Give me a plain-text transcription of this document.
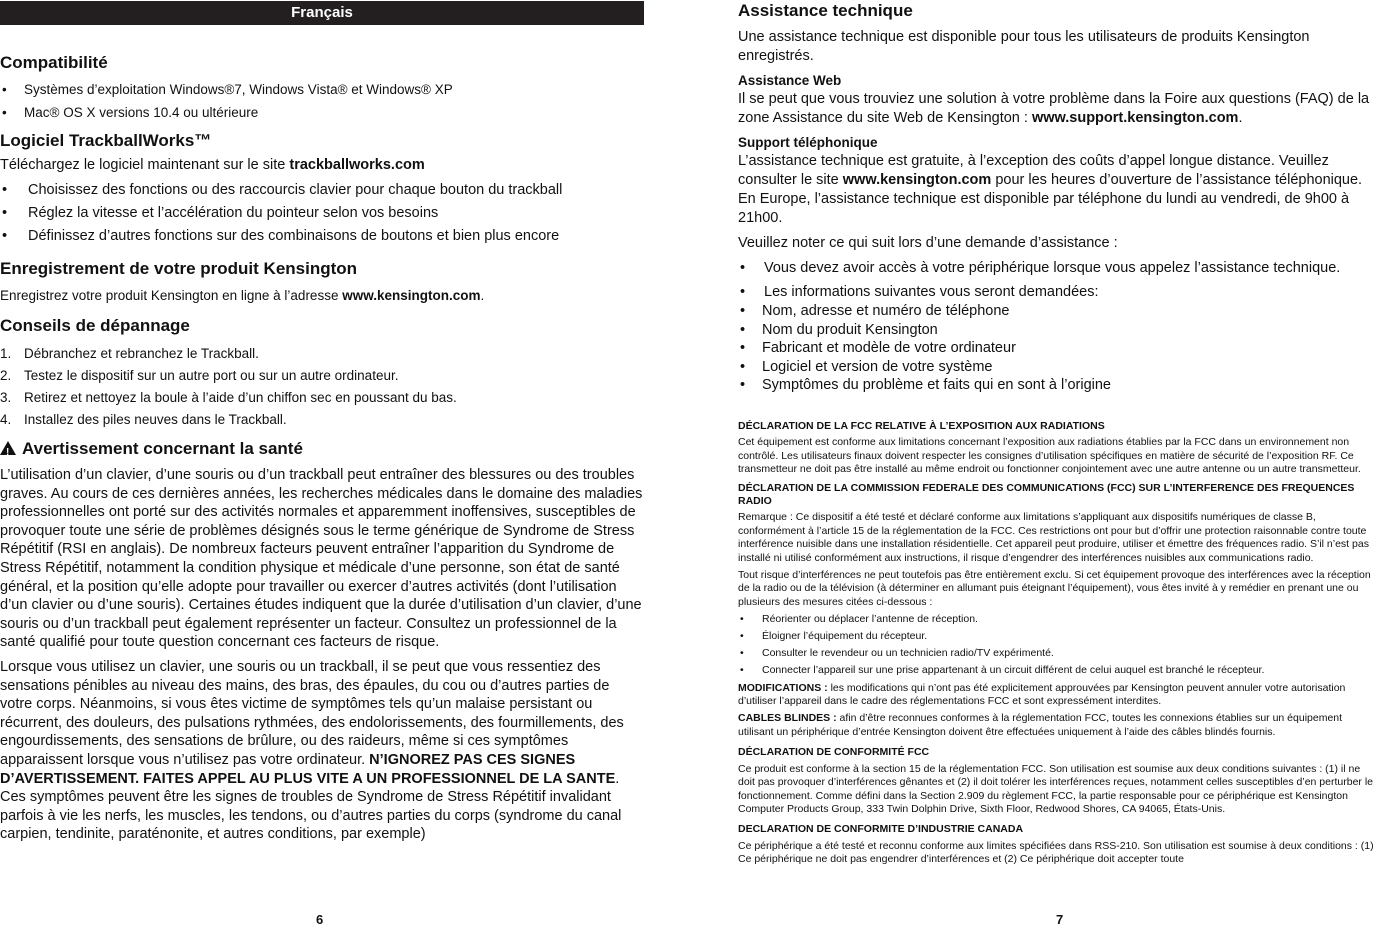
Français
Compatibilité
• Systèmes d’exploitation Windows®7, Windows Vista® et Windows® XP
• Mac® OS X versions 10.4 ou ultérieure
Logiciel TrackballWorks™

Téléchargez le logiciel maintenant sur le site trackballworks.com

• Choisissez des fonctions ou des raccourcis clavier pour chaque bouton du trackball
• Réglez la vitesse et l’accélération du pointeur selon vos besoins
• Définissez d’autres fonctions sur des combinaisons de boutons et bien plus encore
Enregistrement de votre produit Kensington

Enregistrez votre produit Kensington en ligne à l’adresse www.kensington.com.

Conseils de dépannage
1. Débranchez et rebranchez le Trackball.
2. Testez le dispositif sur un autre port ou sur un autre ordinateur.
3. Retirez et nettoyez la boule à l’aide d’un chiffon sec en poussant du bas.
4. Installez des piles neuves dans le Trackball.
!Avertissement concernant la santé

L’utilisation d’un clavier, d’une souris ou d’un trackball peut entraîner des blessures ou des troubles graves. Au cours de ces dernières années, les recherches médicales dans le domaine des maladies professionnelles ont porté sur des activités normales et apparemment inoffensives, susceptibles de provoquer toute une série de problèmes désignés sous le terme générique de Syndrome de Stress Répétitif (RSI en anglais). De nombreux facteurs peuvent entraîner l’apparition du Syndrome de Stress Répétitif, notamment la condition physique et médicale d’une personne, son état de santé général, et la position qu’elle adopte pour travailler ou exercer d’autres activités (dont l’utilisation d’un clavier ou d’une souris). Certaines études indiquent que la durée d’utilisation d’un clavier, d’une souris ou d’un trackball peut également représenter un facteur. Consultez un professionnel de la santé qualifié pour toute question concernant ces facteurs de risque.

Lorsque vous utilisez un clavier, une souris ou un trackball, il se peut que vous ressentiez des sensations pénibles au niveau des mains, des bras, des épaules, du cou ou d’autres parties de votre corps. Néanmoins, si vous êtes victime de symptômes tels qu’un malaise persistant ou récurrent, des douleurs, des pulsations rythmées, des endolorissements, des fourmillements, des engourdissements, des sensations de brûlure, ou des raideurs, même si ces symptômes apparaissent lorsque vous n’utilisez pas votre ordinateur. N’IGNOREZ PAS CES SIGNES D’AVERTISSEMENT. FAITES APPEL AU PLUS VITE A UN PROFESSIONNEL DE LA SANTE. Ces symptômes peuvent être les signes de troubles de Syndrome de Stress Répétitif invalidant parfois à vie les nerfs, les muscles, les tendons, ou d’autres parties du corps (syndrome du canal carpien, tendinite, paraténonite, et autres conditions, par exemple)

6
Assistance technique

Une assistance technique est disponible pour tous les utilisateurs de produits Kensington enregistrés.

Assistance Web

Il se peut que vous trouviez une solution à votre problème dans la Foire aux questions (FAQ) de la zone Assistance du site Web de Kensington : www.support.kensington.com.

Support téléphonique

L’assistance technique est gratuite, à l’exception des coûts d’appel longue distance. Veuillez consulter le site www.kensington.com pour les heures d’ouverture de l’assistance téléphonique. En Europe, l’assistance technique est disponible par téléphone du lundi au vendredi, de 9h00 à 21h00.

Veuillez noter ce qui suit lors d’une demande d’assistance :

• Vous devez avoir accès à votre périphérique lorsque vous appelez l’assistance technique.
• Les informations suivantes vous seront demandées:
• Nom, adresse et numéro de téléphone
• Nom du produit Kensington
• Fabricant et modèle de votre ordinateur
• Logiciel et version de votre système
• Symptômes du problème et faits qui en sont à l’origine
DÉCLARATION DE LA FCC RELATIVE À L’EXPOSITION AUX RADIATIONS

Cet équipement est conforme aux limitations concernant l’exposition aux radiations établies par la FCC dans un environnement non contrôlé. Les utilisateurs finaux doivent respecter les consignes d’utilisation spécifiques en matière de sécurité de l’exposition RF. Ce transmetteur ne doit pas être installé au même endroit ou fonctionner conjointement avec une autre antenne ou un autre transmetteur.

DÉCLARATION DE LA COMMISSION FEDERALE DES COMMUNICATIONS (FCC) SUR L’INTERFERENCE DES FREQUENCES RADIO

Remarque : Ce dispositif a été testé et déclaré conforme aux limitations s’appliquant aux dispositifs numériques de classe B, conformément à l’article 15 de la réglementation de la FCC. Ces restrictions ont pour but d’offrir une protection raisonnable contre toute interférence nuisible dans une installation résidentielle. Cet appareil peut produire, utiliser et émettre des fréquences radio. S’il n’est pas installé ni utilisé conformément aux instructions, il risque d’engendrer des interférences nuisibles aux communications radio.

Tout risque d’interférences ne peut toutefois pas être entièrement exclu. Si cet équipement provoque des interférences avec la réception de la radio ou de la télévision (à déterminer en allumant puis éteignant l’équipement), vous êtes invité à y remédier en prenant une ou plusieurs des mesures citées ci-dessous :

• Réorienter ou déplacer l’antenne de réception.
• Éloigner l’équipement du récepteur.
• Consulter le revendeur ou un technicien radio/TV expérimenté.
• Connecter l’appareil sur une prise appartenant à un circuit différent de celui auquel est branché le récepteur.

MODIFICATIONS : les modifications qui n’ont pas été explicitement approuvées par Kensington peuvent annuler votre autorisation d’utiliser l’appareil dans le cadre des réglementations FCC et sont expressément interdites.

CABLES BLINDES : afin d’être reconnues conformes à la réglementation FCC, toutes les connexions établies sur un équipement utilisant un périphérique d’entrée Kensington doivent être effectuées uniquement à l’aide des câbles blindés fournis.

DÉCLARATION DE CONFORMITÉ FCC

Ce produit est conforme à la section 15 de la réglementation FCC. Son utilisation est soumise aux deux conditions suivantes : (1) il ne doit pas provoquer d’interférences gênantes et (2) il doit tolérer les interférences reçues, notamment celles susceptibles d’en perturber le fonctionnement. Comme défini dans la Section 2.909 du règlement FCC, la partie responsable pour ce périphérique est Kensington Computer Products Group, 333 Twin Dolphin Drive, Sixth Floor, Redwood Shores, CA 94065, États-Unis.

DECLARATION DE CONFORMITE D’INDUSTRIE CANADA

Ce périphérique a été testé et reconnu conforme aux limites spécifiées dans RSS-210. Son utilisation est soumise à deux conditions : (1) Ce périphérique ne doit pas engendrer d’interférences et (2) Ce périphérique doit accepter toute

7
